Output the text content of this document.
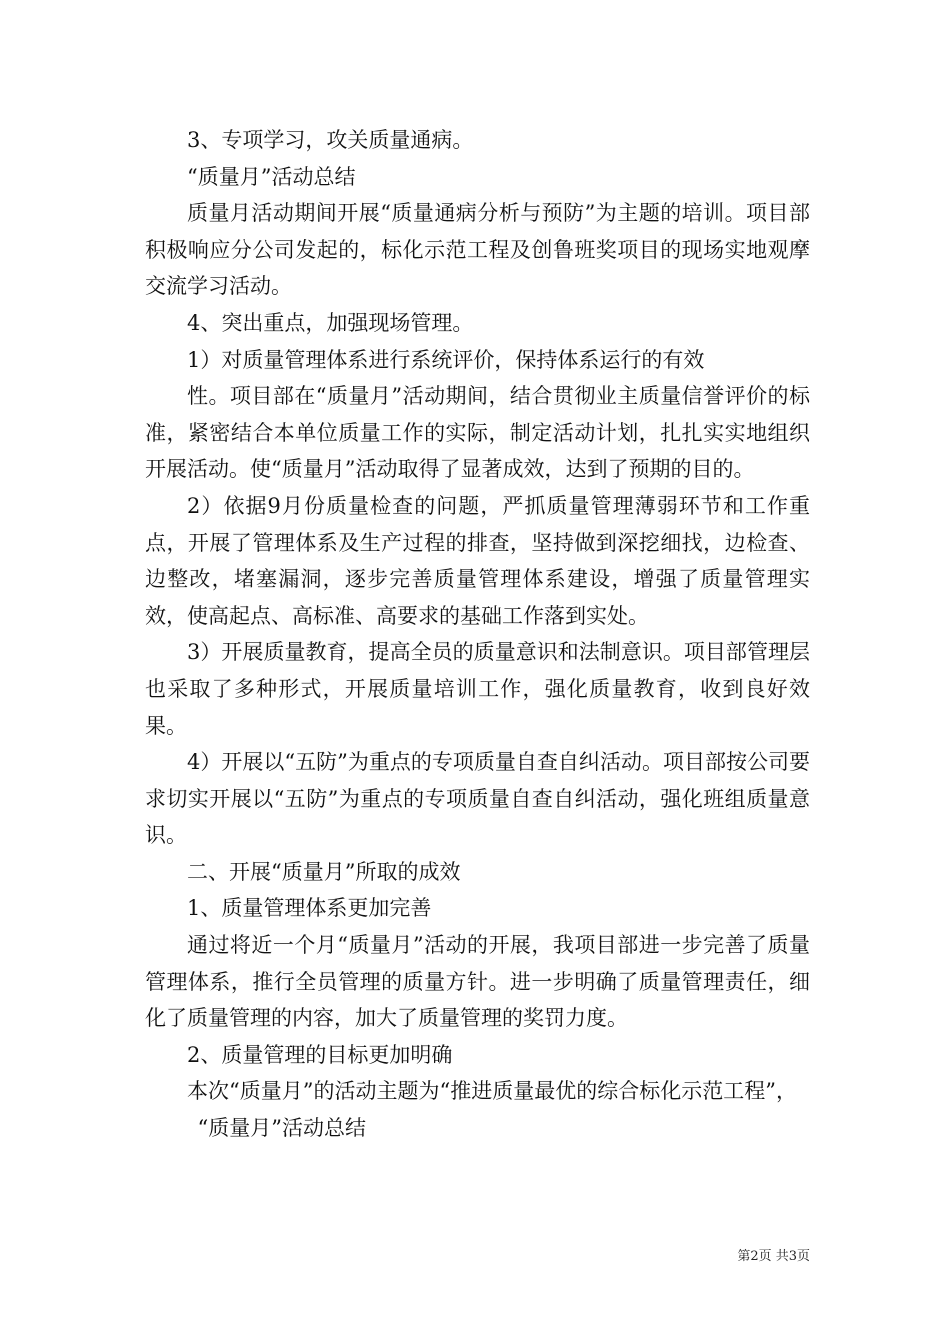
3、专项学习，攻关质量通病。

“质量月”活动总结

质量月活动期间开展“质量通病分析与预防”为主题的培训。项目部积极响应分公司发起的，标化示范工程及创鲁班奖项目的现场实地观摩交流学习活动。

4、突出重点，加强现场管理。

1）对质量管理体系进行系统评价，保持体系运行的有效

性。项目部在“质量月”活动期间，结合贯彻业主质量信誉评价的标准，紧密结合本单位质量工作的实际，制定活动计划，扎扎实实地组织开展活动。使“质量月”活动取得了显著成效，达到了预期的目的。

2）依据9月份质量检查的问题，严抓质量管理薄弱环节和工作重点，开展了管理体系及生产过程的排查，坚持做到深挖细找，边检查、边整改，堵塞漏洞，逐步完善质量管理体系建设，增强了质量管理实效，使高起点、高标准、高要求的基础工作落到实处。

3）开展质量教育，提高全员的质量意识和法制意识。项目部管理层也采取了多种形式，开展质量培训工作，强化质量教育，收到良好效果。

4）开展以“五防”为重点的专项质量自查自纠活动。项目部按公司要求切实开展以“五防”为重点的专项质量自查自纠活动，强化班组质量意识。

二、开展“质量月”所取的成效

1、质量管理体系更加完善

通过将近一个月“质量月”活动的开展，我项目部进一步完善了质量管理体系，推行全员管理的质量方针。进一步明确了质量管理责任，细化了质量管理的内容，加大了质量管理的奖罚力度。

2、质量管理的目标更加明确

本次“质量月”的活动主题为“推进质量最优的综合标化示范工程”，

“质量月”活动总结

第2页 共3页
